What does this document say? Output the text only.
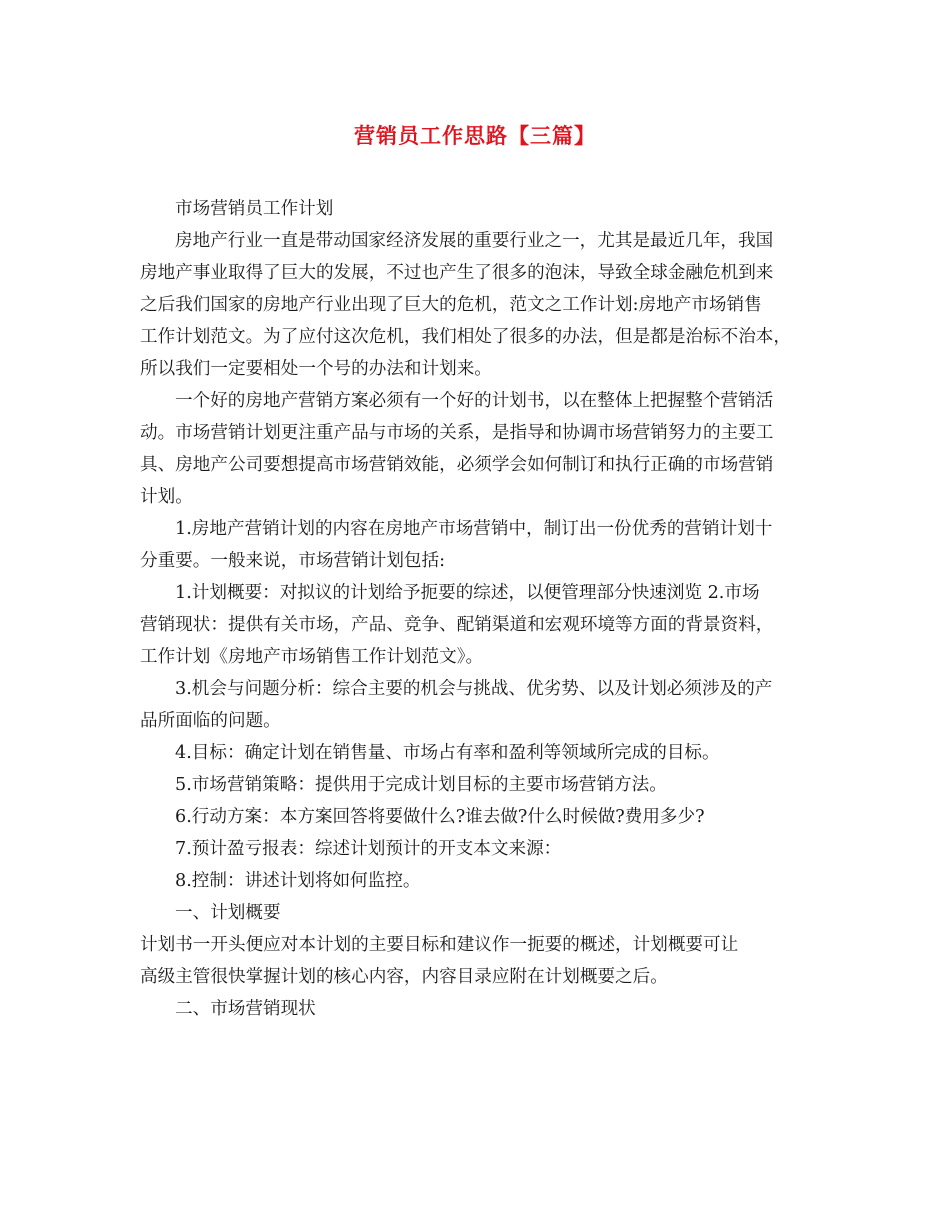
营销员工作思路【三篇】

市场营销员工作计划

房地产行业一直是带动国家经济发展的重要行业之一，尤其是最近几年，我国

房地产事业取得了巨大的发展，不过也产生了很多的泡沫，导致全球金融危机到来

之后我们国家的房地产行业出现了巨大的危机，范文之工作计划:房地产市场销售

工作计划范文。为了应付这次危机，我们相处了很多的办法，但是都是治标不治本，

所以我们一定要相处一个号的办法和计划来。

一个好的房地产营销方案必须有一个好的计划书，以在整体上把握整个营销活

动。市场营销计划更注重产品与市场的关系，是指导和协调市场营销努力的主要工

具、房地产公司要想提高市场营销效能，必须学会如何制订和执行正确的市场营销

计划。

1.房地产营销计划的内容在房地产市场营销中，制订出一份优秀的营销计划十

分重要。一般来说，市场营销计划包括:

1.计划概要：对拟议的计划给予扼要的综述，以便管理部分快速浏览 2.市场

营销现状：提供有关市场，产品、竞争、配销渠道和宏观环境等方面的背景资料，

工作计划《房地产市场销售工作计划范文》。

3.机会与问题分析：综合主要的机会与挑战、优劣势、以及计划必须涉及的产

品所面临的问题。

4.目标：确定计划在销售量、市场占有率和盈利等领域所完成的目标。

5.市场营销策略：提供用于完成计划目标的主要市场营销方法。

6.行动方案：本方案回答将要做什么?谁去做?什么时候做?费用多少?

7.预计盈亏报表：综述计划预计的开支本文来源：

8.控制：讲述计划将如何监控。

一、计划概要

计划书一开头便应对本计划的主要目标和建议作一扼要的概述，计划概要可让

高级主管很快掌握计划的核心内容，内容目录应附在计划概要之后。

二、市场营销现状
